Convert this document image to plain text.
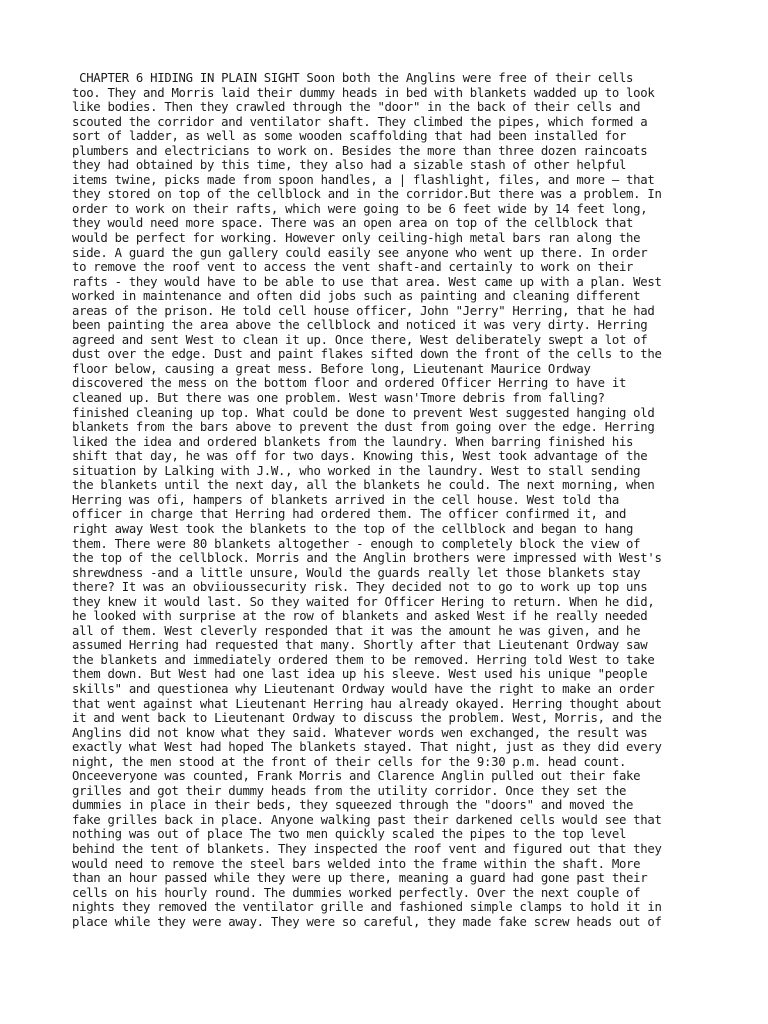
CHAPTER 6 HIDING IN PLAIN SIGHT Soon both the Anglins were free of their cells
too. They and Morris laid their dummy heads in bed with blankets wadded up to look
like bodies. Then they crawled through the "door" in the back of their cells and
scouted the corridor and ventilator shaft. They climbed the pipes, which formed a
sort of ladder, as well as some wooden scaffolding that had been installed for
plumbers and electricians to work on. Besides the more than three dozen raincoats
they had obtained by this time, they also had a sizable stash of other helpful
items twine, picks made from spoon handles, a | flashlight, files, and more – that
they stored on top of the cellblock and in the corridor.But there was a problem. In
order to work on their rafts, which were going to be 6 feet wide by 14 feet long,
they would need more space. There was an open area on top of the cellblock that
would be perfect for working. However only ceiling-high metal bars ran along the
side. A guard the gun gallery could easily see anyone who went up there. In order
to remove the roof vent to access the vent shaft-and certainly to work on their
rafts - they would have to be able to use that area. West came up with a plan. West
worked in maintenance and often did jobs such as painting and cleaning different
areas of the prison. He told cell house officer, John "Jerry" Herring, that he had
been painting the area above the cellblock and noticed it was very dirty. Herring
agreed and sent West to clean it up. Once there, West deliberately swept a lot of
dust over the edge. Dust and paint flakes sifted down the front of the cells to the
floor below, causing a great mess. Before long, Lieutenant Maurice Ordway
discovered the mess on the bottom floor and ordered Officer Herring to have it
cleaned up. But there was one problem. West wasn'Tmore debris from falling?
finished cleaning up top. What could be done to prevent West suggested hanging old
blankets from the bars above to prevent the dust from going over the edge. Herring
liked the idea and ordered blankets from the laundry. When barring finished his
shift that day, he was off for two days. Knowing this, West took advantage of the
situation by Lalking with J.W., who worked in the laundry. West to stall sending
the blankets until the next day, all the blankets he could. The next morning, when
Herring was ofi, hampers of blankets arrived in the cell house. West told tha
officer in charge that Herring had ordered them. The officer confirmed it, and
right away West took the blankets to the top of the cellblock and began to hang
them. There were 80 blankets altogether - enough to completely block the view of
the top of the cellblock. Morris and the Anglin brothers were impressed with West's
shrewdness -and a little unsure, Would the guards really let those blankets stay
there? It was an obviioussecurity risk. They decided not to go to work up top uns
they knew it would last. So they waited for Officer Hering to return. When he did,
he looked with surprise at the row of blankets and asked West if he really needed
all of them. West cleverly responded that it was the amount he was given, and he
assumed Herring had requested that many. Shortly after that Lieutenant Ordway saw
the blankets and immediately ordered them to be removed. Herring told West to take
them down. But West had one last idea up his sleeve. West used his unique "people
skills" and questionea why Lieutenant Ordway would have the right to make an order
that went against what Lieutenant Herring hau already okayed. Herring thought about
it and went back to Lieutenant Ordway to discuss the problem. West, Morris, and the
Anglins did not know what they said. Whatever words wen exchanged, the result was
exactly what West had hoped The blankets stayed. That night, just as they did every
night, the men stood at the front of their cells for the 9:30 p.m. head count.
Onceeveryone was counted, Frank Morris and Clarence Anglin pulled out their fake
grilles and got their dummy heads from the utility corridor. Once they set the
dummies in place in their beds, they squeezed through the "doors" and moved the
fake grilles back in place. Anyone walking past their darkened cells would see that
nothing was out of place The two men quickly scaled the pipes to the top level
behind the tent of blankets. They inspected the roof vent and figured out that they
would need to remove the steel bars welded into the frame within the shaft. More
than an hour passed while they were up there, meaning a guard had gone past their
cells on his hourly round. The dummies worked perfectly. Over the next couple of
nights they removed the ventilator grille and fashioned simple clamps to hold it in
place while they were away. They were so careful, they made fake screw heads out of
